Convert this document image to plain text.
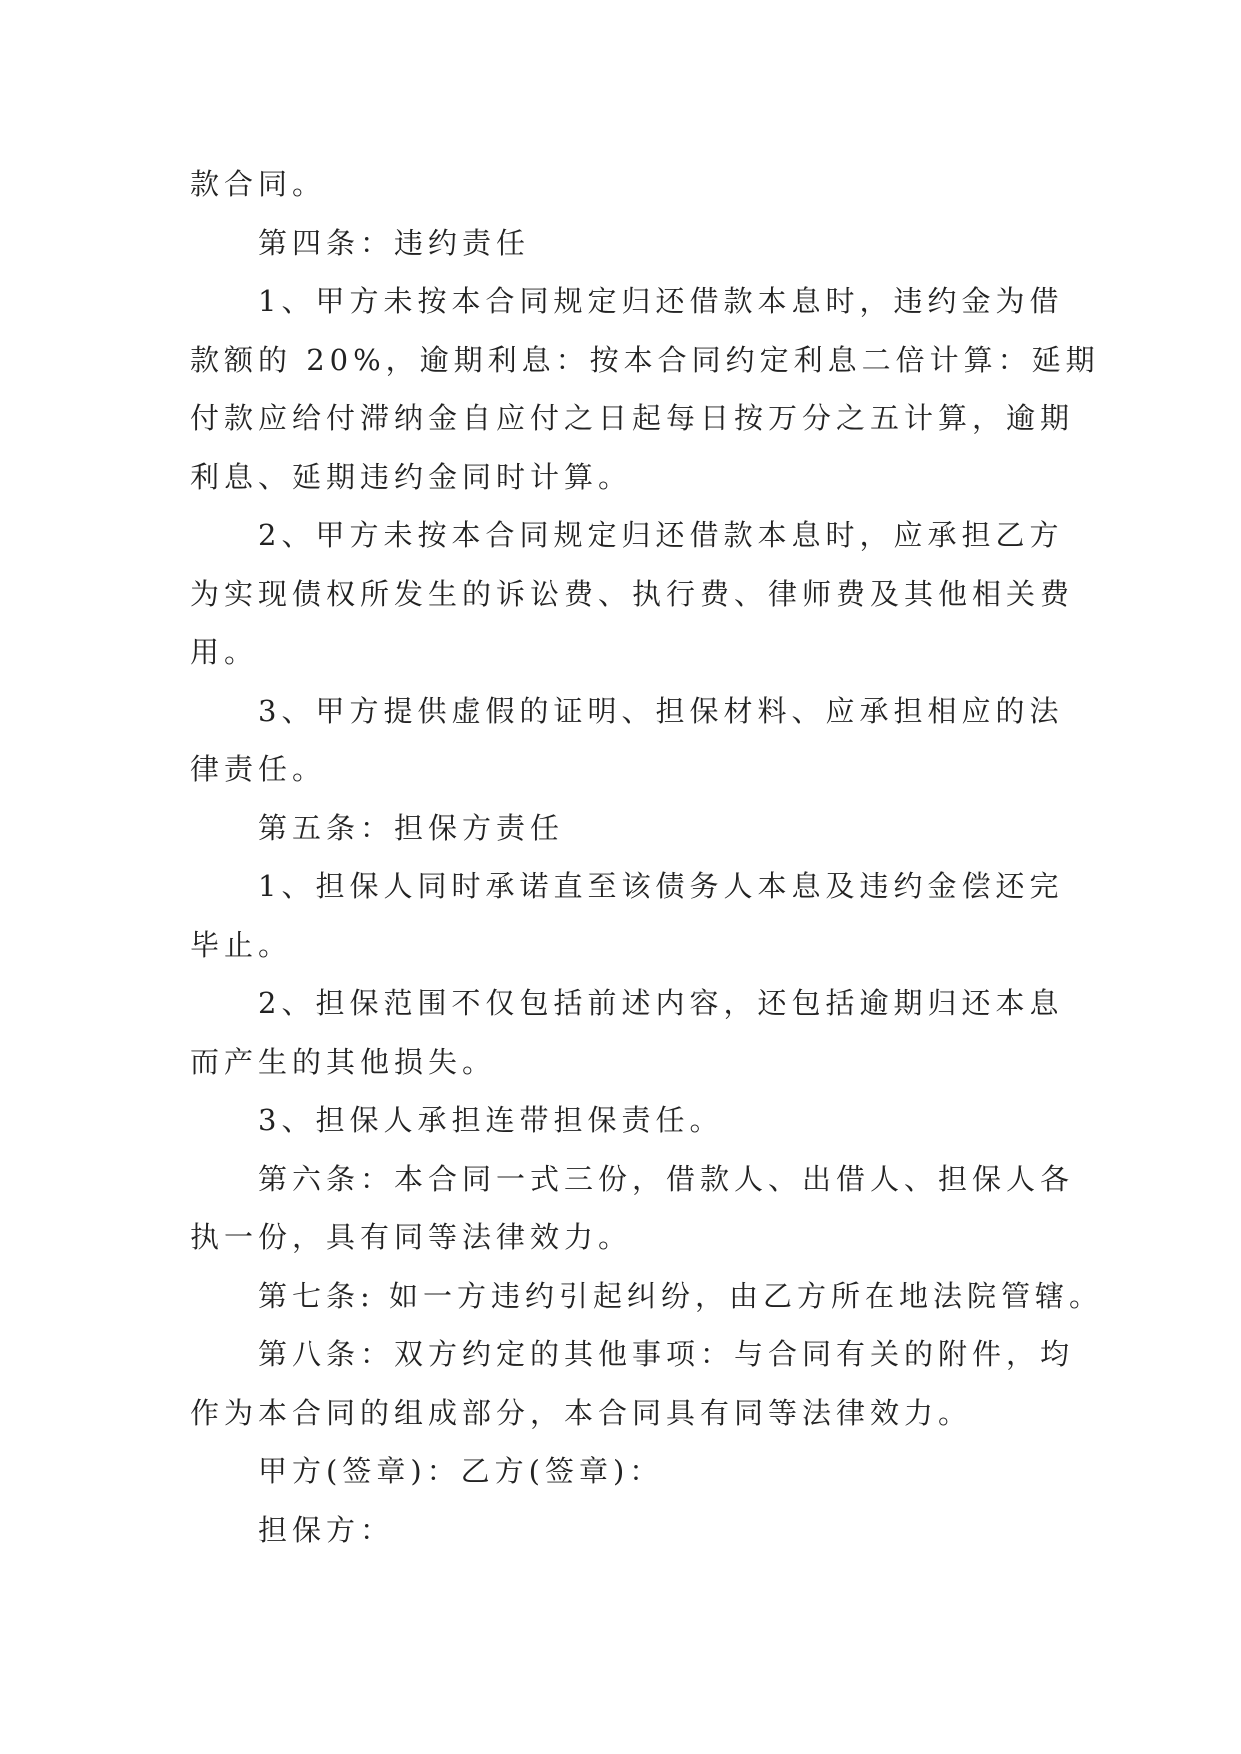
款合同。
第四条：违约责任
1、甲方未按本合同规定归还借款本息时，违约金为借
款额的 20%，逾期利息：按本合同约定利息二倍计算：延期
付款应给付滞纳金自应付之日起每日按万分之五计算，逾期
利息、延期违约金同时计算。
2、甲方未按本合同规定归还借款本息时，应承担乙方
为实现债权所发生的诉讼费、执行费、律师费及其他相关费
用。
3、甲方提供虚假的证明、担保材料、应承担相应的法
律责任。
第五条：担保方责任
1、担保人同时承诺直至该债务人本息及违约金偿还完
毕止。
2、担保范围不仅包括前述内容，还包括逾期归还本息
而产生的其他损失。
3、担保人承担连带担保责任。
第六条：本合同一式三份，借款人、出借人、担保人各
执一份，具有同等法律效力。
第七条: 如一方违约引起纠纷，由乙方所在地法院管辖。
第八条：双方约定的其他事项：与合同有关的附件，均
作为本合同的组成部分，本合同具有同等法律效力。
甲方(签章)：乙方(签章)：
担保方：
